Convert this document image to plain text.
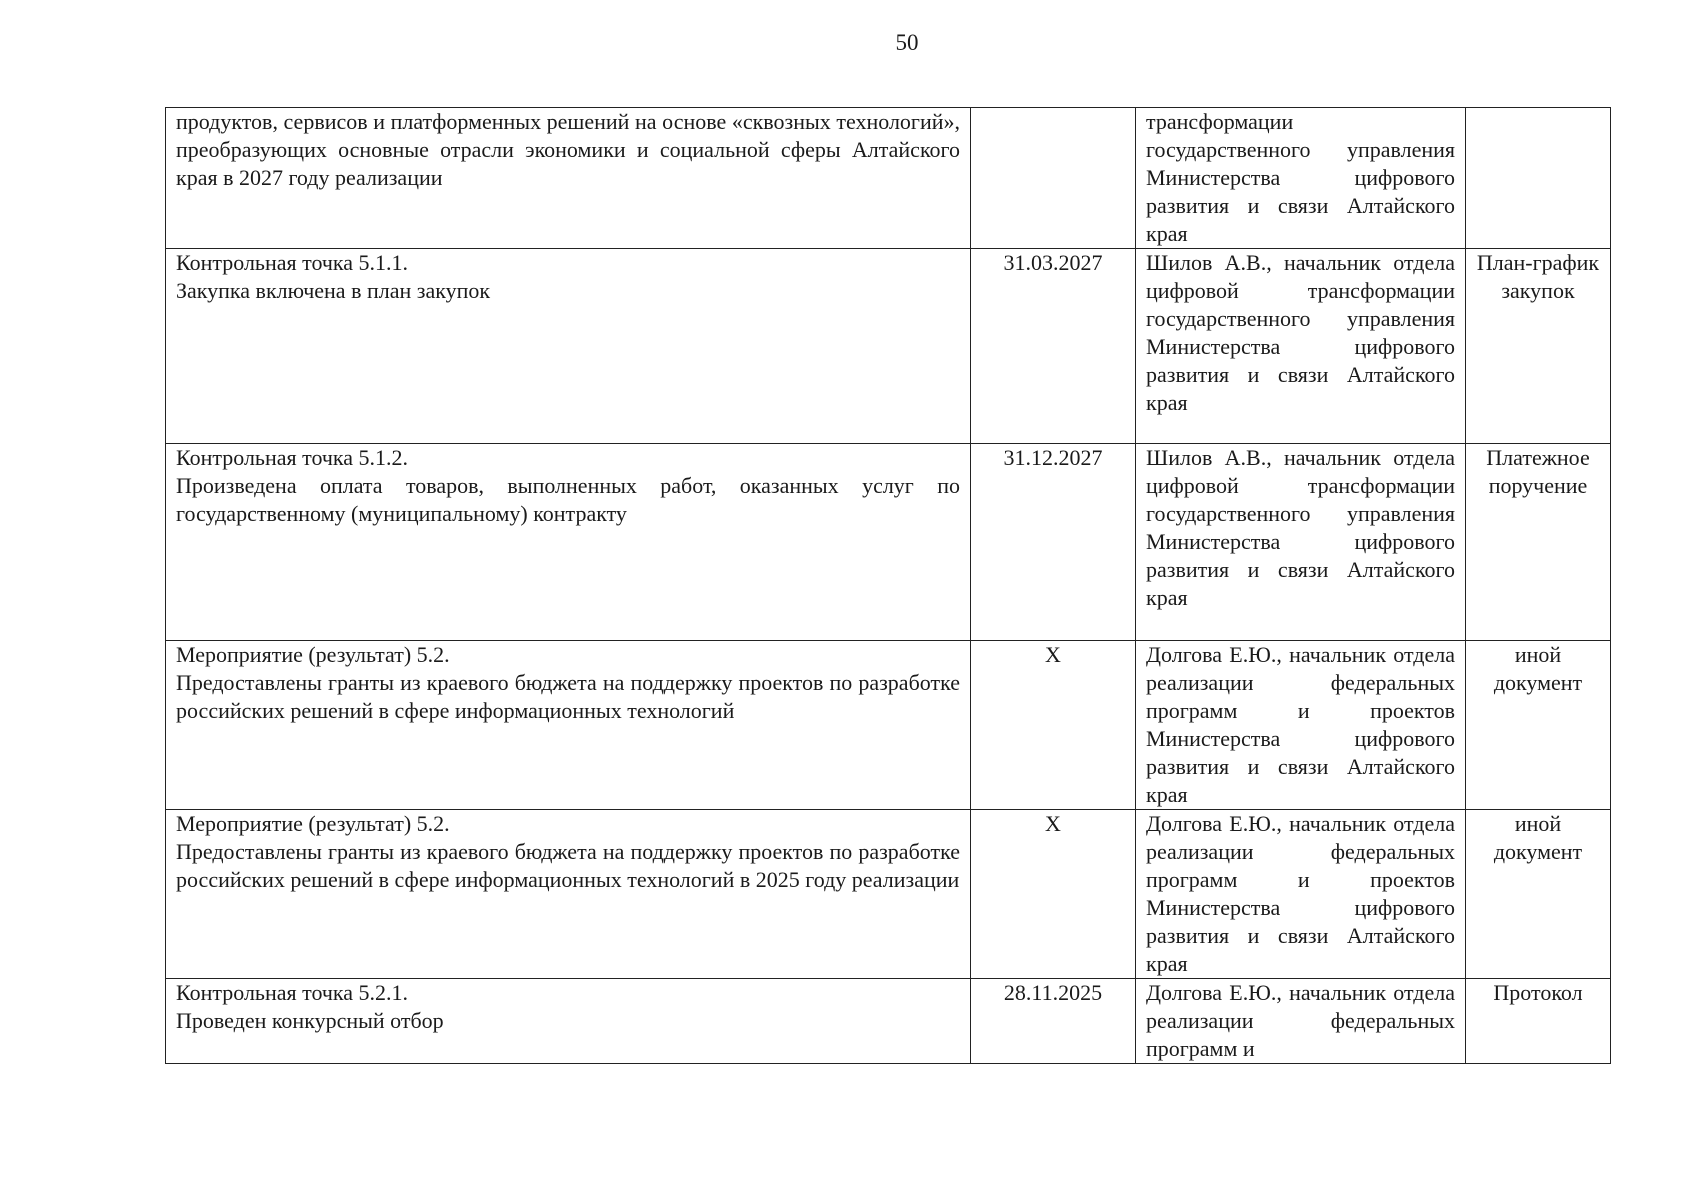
50
продуктов, сервисов и платформенных решений на основе «сквозных технологий», преобразующих основные отрасли экономики и социальной сферы Алтайского края в 2027 году реализации		трансформации государственного управления Министерства цифрового развития и связи Алтайского края	

Контрольная точка 5.1.1.
Закупка включена в план закупок	31.03.2027	Шилов А.В., начальник отдела цифровой трансформации государственного управления Министерства цифрового развития и связи Алтайского края	План-график закупок

Контрольная точка 5.1.2.
Произведена оплата товаров, выполненных работ, оказанных услуг по государственному (муниципальному) контракту	31.12.2027	Шилов А.В., начальник отдела цифровой трансформации государственного управления Министерства цифрового развития и связи Алтайского края	Платежное поручение

Мероприятие (результат) 5.2.
Предоставлены гранты из краевого бюджета на поддержку проектов по разработке российских решений в сфере информационных технологий	Х	Долгова Е.Ю., начальник отдела реализации федеральных программ и проектов Министерства цифрового развития и связи Алтайского края	иной документ

Мероприятие (результат) 5.2.
Предоставлены гранты из краевого бюджета на поддержку проектов по разработке российских решений в сфере информационных технологий в 2025 году реализации	Х	Долгова Е.Ю., начальник отдела реализации федеральных программ и проектов Министерства цифрового развития и связи Алтайского края	иной документ

Контрольная точка 5.2.1.
Проведен конкурсный отбор	28.11.2025	Долгова Е.Ю., начальник отдела реализации федеральных программ и	Протокол
